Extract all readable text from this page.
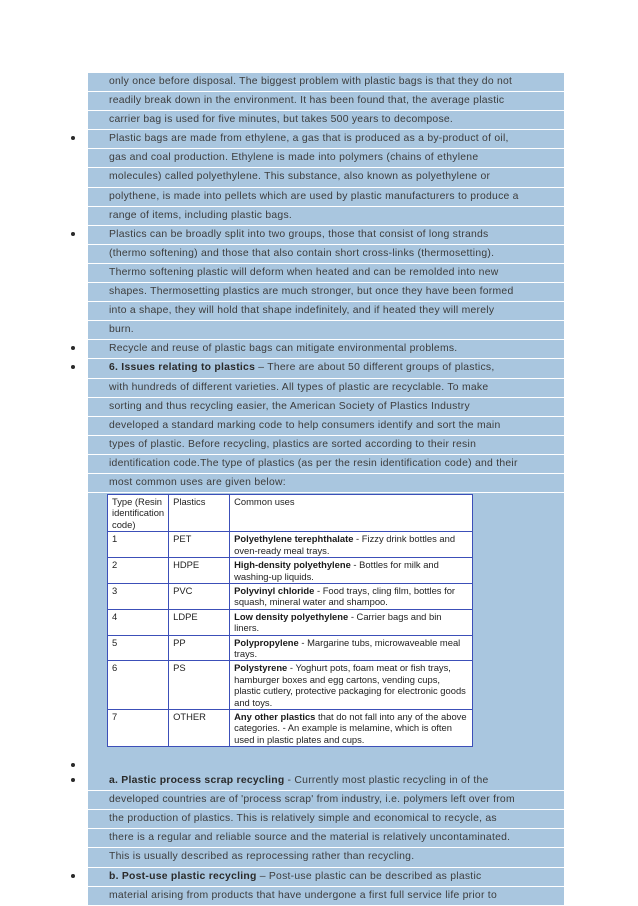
only once before disposal. The biggest problem with plastic bags is that they do not
readily break down in the environment. It has been found that, the average plastic
carrier bag is used for five minutes, but takes 500 years to decompose.
Plastic bags are made from ethylene, a gas that is produced as a by-product of oil,
gas and coal production. Ethylene is made into polymers (chains of ethylene
molecules) called polyethylene. This substance, also known as polyethylene or
polythene, is made into pellets which are used by plastic manufacturers to produce a
range of items, including plastic bags.
Plastics can be broadly split into two groups, those that consist of long strands
(thermo softening) and those that also contain short cross-links (thermosetting).
Thermo softening plastic will deform when heated and can be remolded into new
shapes. Thermosetting plastics are much stronger, but once they have been formed
into a shape, they will hold that shape indefinitely, and if heated they will merely
burn.
Recycle and reuse of plastic bags can mitigate environmental problems.
6. Issues relating to plastics – There are about 50 different groups of plastics,
with hundreds of different varieties. All types of plastic are recyclable. To make
sorting and thus recycling easier, the American Society of Plastics Industry
developed a standard marking code to help consumers identify and sort the main
types of plastic. Before recycling, plastics are sorted according to their resin
identification code.The type of plastics (as per the resin identification code) and their
most common uses are given below:
Type (Resin identification code)	Plastics	Common uses
1	PET	Polyethylene terephthalate - Fizzy drink bottles and oven-ready meal trays.
2	HDPE	High-density polyethylene - Bottles for milk and washing-up liquids.
3	PVC	Polyvinyl chloride - Food trays, cling film, bottles for squash, mineral water and shampoo.
4	LDPE	Low density polyethylene - Carrier bags and bin liners.
5	PP	Polypropylene - Margarine tubs, microwaveable meal trays.
6	PS	Polystyrene - Yoghurt pots, foam meat or fish trays, hamburger boxes and egg cartons, vending cups, plastic cutlery, protective packaging for electronic goods and toys.
7	OTHER	Any other plastics that do not fall into any of the above categories. - An example is melamine, which is often used in plastic plates and cups.
a. Plastic process scrap recycling - Currently most plastic recycling in of the
developed countries are of 'process scrap' from industry, i.e. polymers left over from
the production of plastics. This is relatively simple and economical to recycle, as
there is a regular and reliable source and the material is relatively uncontaminated.
This is usually described as reprocessing rather than recycling.
b. Post-use plastic recycling – Post-use plastic can be described as plastic
material arising from products that have undergone a first full service life prior to
